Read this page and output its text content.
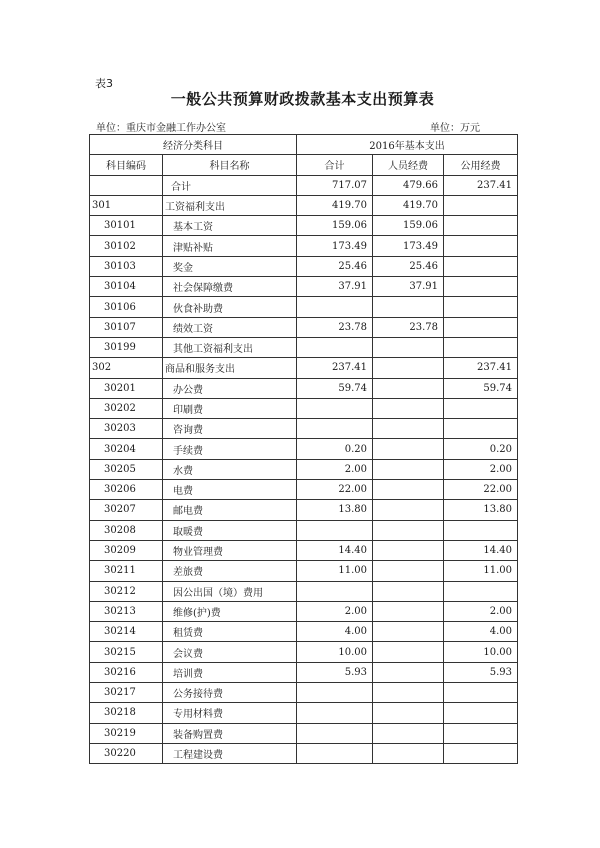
表3
一般公共预算财政拨款基本支出预算表
单位：重庆市金融工作办公室	单位：万元
经济分类科目		2016年基本支出		
科目编码	科目名称	合计	人员经费	公用经费
	合计	717.07	479.66	237.41
301	工资福利支出	419.70	419.70	
30101	基本工资	159.06	159.06	
30102	津贴补贴	173.49	173.49	
30103	奖金	25.46	25.46	
30104	社会保障缴费	37.91	37.91	
30106	伙食补助费			
30107	绩效工资	23.78	23.78	
30199	其他工资福利支出			
302	商品和服务支出	237.41		237.41
30201	办公费	59.74		59.74
30202	印刷费			
30203	咨询费			
30204	手续费	0.20		0.20
30205	水费	2.00		2.00
30206	电费	22.00		22.00
30207	邮电费	13.80		13.80
30208	取暖费			
30209	物业管理费	14.40		14.40
30211	差旅费	11.00		11.00
30212	因公出国（境）费用			
30213	维修(护)费	2.00		2.00
30214	租赁费	4.00		4.00
30215	会议费	10.00		10.00
30216	培训费	5.93		5.93
30217	公务接待费			
30218	专用材料费			
30219	装备购置费			
30220	工程建设费			
